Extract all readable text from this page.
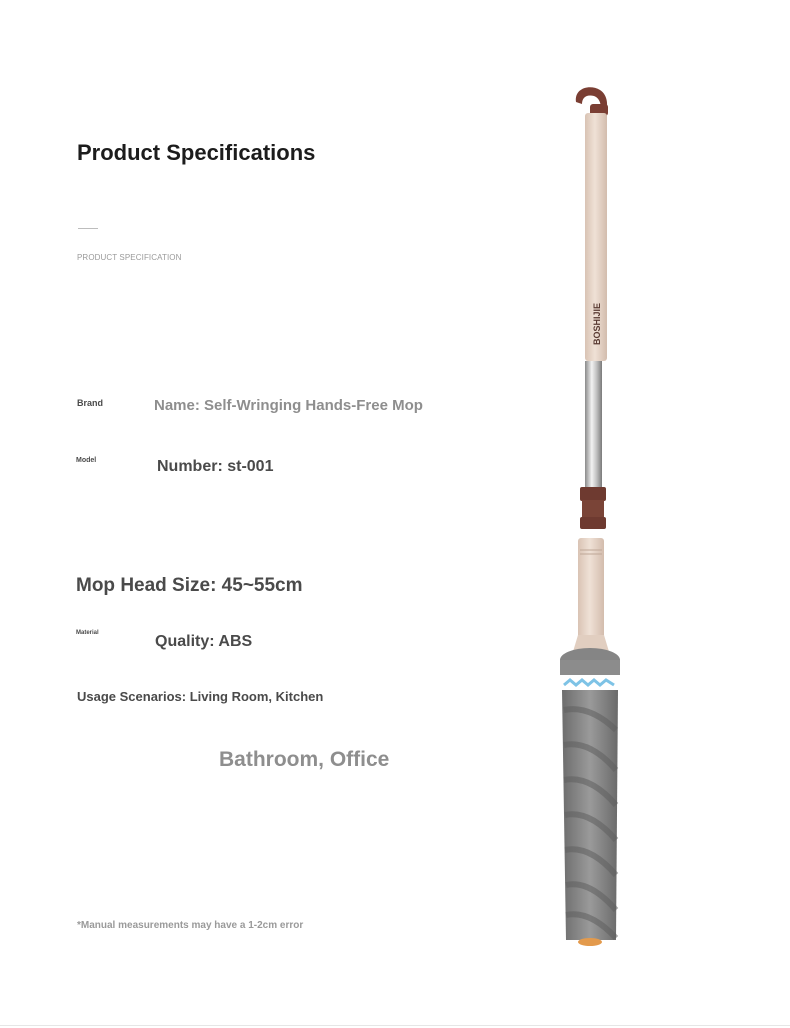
Product Specifications
PRODUCT SPECIFICATION
Brand	Name: Self-Wringing Hands-Free Mop
Model	Number: st-001
Mop Head Size: 45~55cm
Material	Quality: ABS
Usage Scenarios: Living Room, Kitchen
Bathroom, Office
*Manual measurements may have a 1-2cm error
BOSHIJIE
